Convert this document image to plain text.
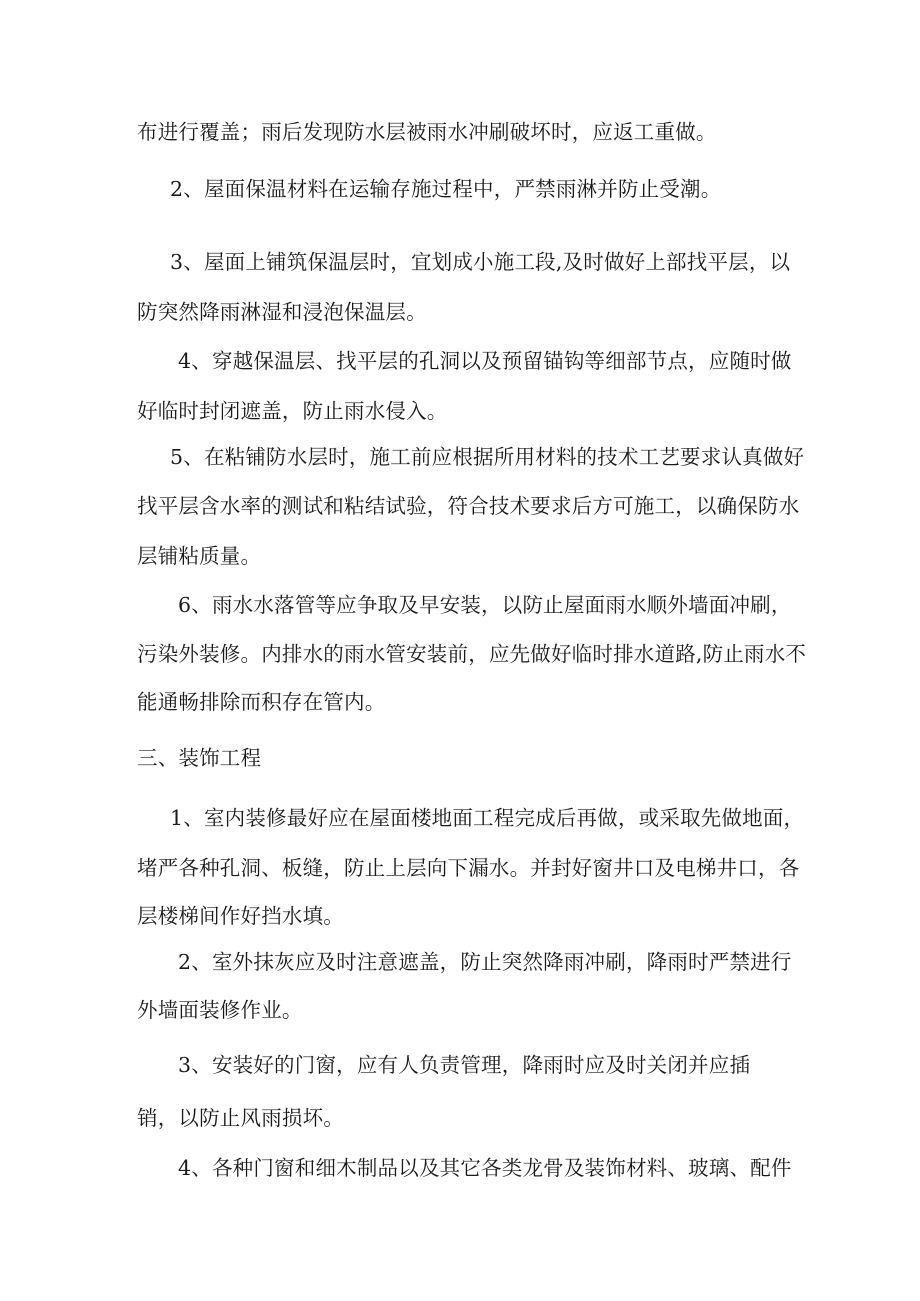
布进行覆盖；雨后发现防水层被雨水冲刷破坏时，应返工重做。
2、屋面保温材料在运输存施过程中，严禁雨淋并防止受潮。
3、屋面上铺筑保温层时，宜划成小施工段,及时做好上部找平层，以
防突然降雨淋湿和浸泡保温层。
4、穿越保温层、找平层的孔洞以及预留锚钩等细部节点，应随时做
好临时封闭遮盖，防止雨水侵入。
5、在粘铺防水层时，施工前应根据所用材料的技术工艺要求认真做好
找平层含水率的测试和粘结试验，符合技术要求后方可施工，以确保防水
层铺粘质量。
6、雨水水落管等应争取及早安装，以防止屋面雨水顺外墙面冲刷，
污染外装修。内排水的雨水管安装前，应先做好临时排水道路,防止雨水不
能通畅排除而积存在管内。
三、装饰工程
1、室内装修最好应在屋面楼地面工程完成后再做，或采取先做地面，
堵严各种孔洞、板缝，防止上层向下漏水。并封好窗井口及电梯井口，各
层楼梯间作好挡水填。
2、室外抹灰应及时注意遮盖，防止突然降雨冲刷，降雨时严禁进行
外墙面装修作业。
3、安装好的门窗，应有人负责管理，降雨时应及时关闭并应插
销，以防止风雨损坏。
4、各种门窗和细木制品以及其它各类龙骨及装饰材料、玻璃、配件
